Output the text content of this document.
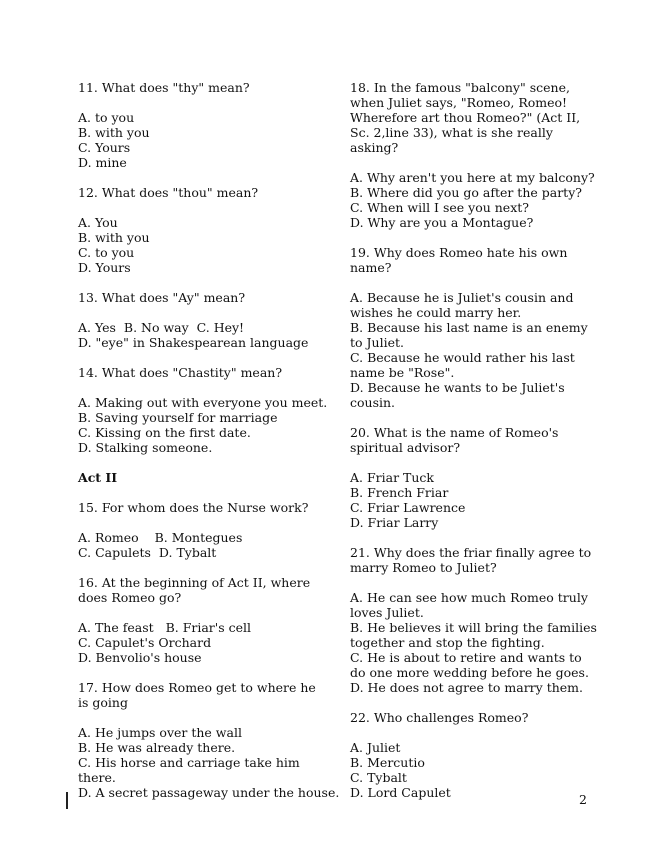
11. What does "thy" mean?
A. to you
B. with you
C. Yours
D. mine
12. What does "thou" mean?
A. You
B. with you
C. to you
D. Yours
13. What does "Ay" mean?
A. Yes  B. No way  C. Hey!
D. "eye" in Shakespearean language
14. What does "Chastity" mean?
A. Making out with everyone you meet.
B. Saving yourself for marriage
C. Kissing on the first date.
D. Stalking someone.
Act II
15. For whom does the Nurse work?
A. Romeo    B. Montegues
C. Capulets  D. Tybalt
16. At the beginning of Act II, where does Romeo go?
A. The feast   B. Friar's cell
C. Capulet's Orchard
D. Benvolio's house
17. How does Romeo get to where he is going
A. He jumps over the wall
B. He was already there.
C. His horse and carriage take him there.
D. A secret passageway under the house.
18. In the famous "balcony" scene, when Juliet says, "Romeo, Romeo! Wherefore art thou Romeo?" (Act II, Sc. 2,line 33), what is she really asking?
A. Why aren't you here at my balcony?
B. Where did you go after the party?
C. When will I see you next?
D. Why are you a Montague?
19. Why does Romeo hate his own name?
A. Because he is Juliet's cousin and wishes he could marry her.
B. Because his last name is an enemy to Juliet.
C. Because he would rather his last name be "Rose".
D. Because he wants to be Juliet's cousin.
20. What is the name of Romeo's spiritual advisor?
A. Friar Tuck
B. French Friar
C. Friar Lawrence
D. Friar Larry
21. Why does the friar finally agree to marry Romeo to Juliet?
A. He can see how much Romeo truly loves Juliet.
B. He believes it will bring the families together and stop the fighting.
C. He is about to retire and wants to do one more wedding before he goes.
D. He does not agree to marry them.
22. Who challenges Romeo?
A. Juliet
B. Mercutio
C. Tybalt
D. Lord Capulet	2
